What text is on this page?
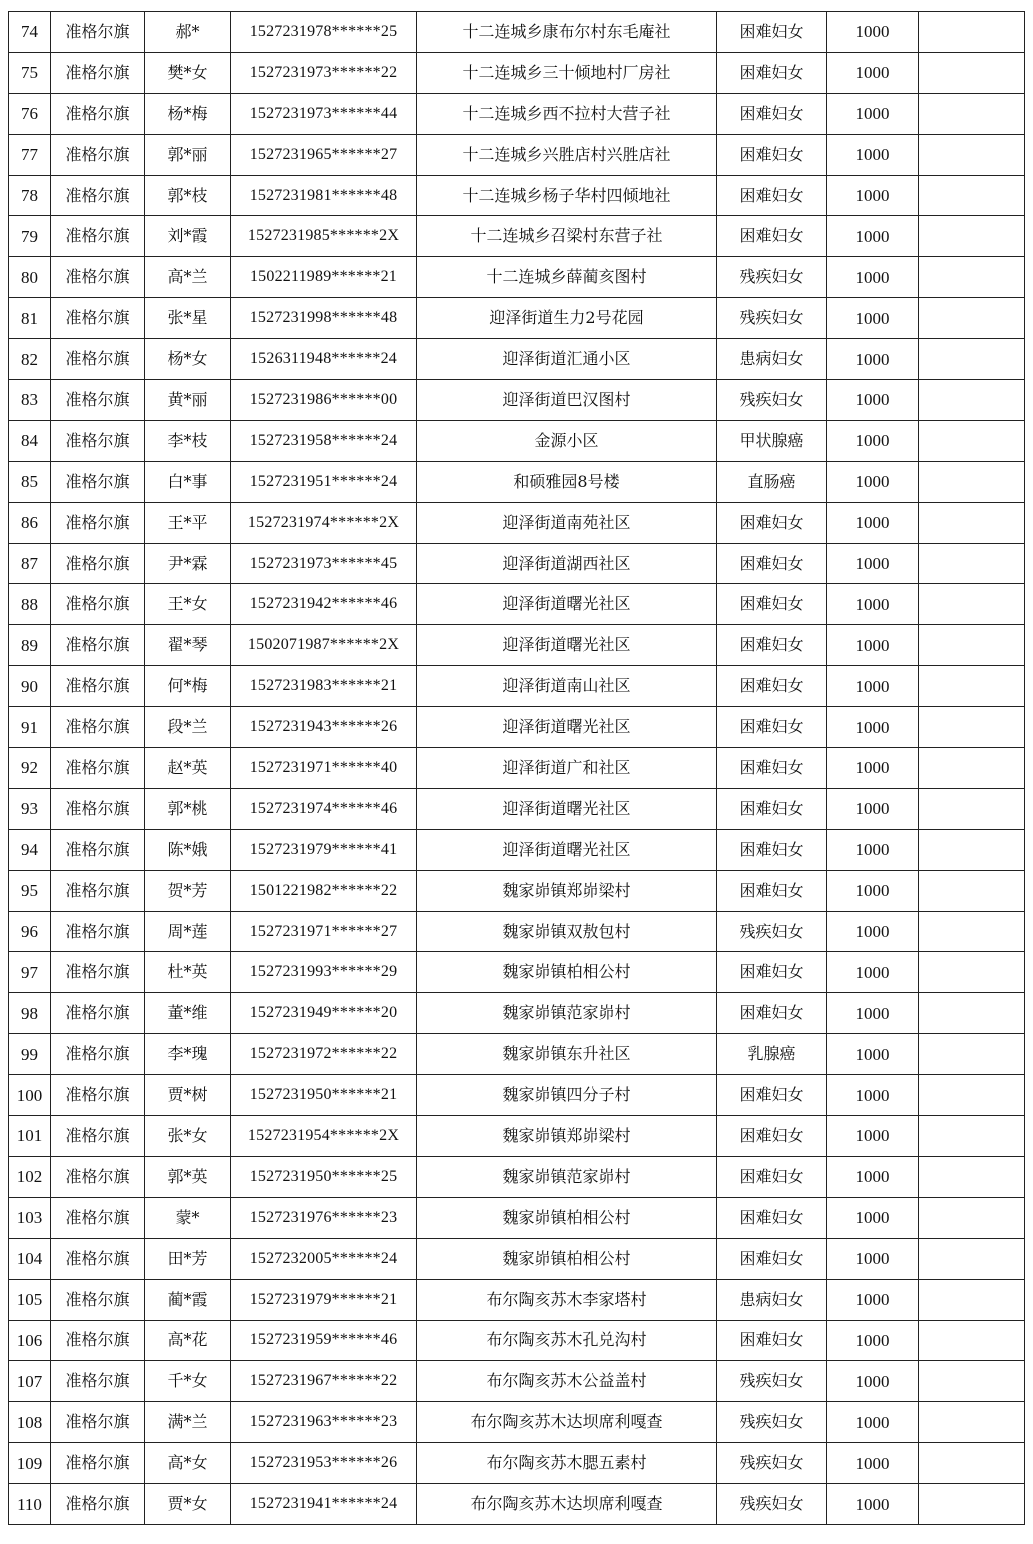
74	准格尔旗	郝*	1527231978******25	十二连城乡康布尔村东毛庵社	困难妇女	1000	
75	准格尔旗	樊*女	1527231973******22	十二连城乡三十倾地村厂房社	困难妇女	1000	
76	准格尔旗	杨*梅	1527231973******44	十二连城乡西不拉村大营子社	困难妇女	1000	
77	准格尔旗	郭*丽	1527231965******27	十二连城乡兴胜店村兴胜店社	困难妇女	1000	
78	准格尔旗	郭*枝	1527231981******48	十二连城乡杨子华村四倾地社	困难妇女	1000	
79	准格尔旗	刘*霞	1527231985******2X	十二连城乡召梁村东营子社	困难妇女	1000	
80	准格尔旗	高*兰	1502211989******21	十二连城乡薛蔺亥图村	残疾妇女	1000	
81	准格尔旗	张*星	1527231998******48	迎泽街道生力2号花园	残疾妇女	1000	
82	准格尔旗	杨*女	1526311948******24	迎泽街道汇通小区	患病妇女	1000	
83	准格尔旗	黄*丽	1527231986******00	迎泽街道巴汉图村	残疾妇女	1000	
84	准格尔旗	李*枝	1527231958******24	金源小区	甲状腺癌	1000	
85	准格尔旗	白*事	1527231951******24	和硕雅园8号楼	直肠癌	1000	
86	准格尔旗	王*平	1527231974******2X	迎泽街道南苑社区	困难妇女	1000	
87	准格尔旗	尹*霖	1527231973******45	迎泽街道湖西社区	困难妇女	1000	
88	准格尔旗	王*女	1527231942******46	迎泽街道曙光社区	困难妇女	1000	
89	准格尔旗	翟*琴	1502071987******2X	迎泽街道曙光社区	困难妇女	1000	
90	准格尔旗	何*梅	1527231983******21	迎泽街道南山社区	困难妇女	1000	
91	准格尔旗	段*兰	1527231943******26	迎泽街道曙光社区	困难妇女	1000	
92	准格尔旗	赵*英	1527231971******40	迎泽街道广和社区	困难妇女	1000	
93	准格尔旗	郭*桃	1527231974******46	迎泽街道曙光社区	困难妇女	1000	
94	准格尔旗	陈*娥	1527231979******41	迎泽街道曙光社区	困难妇女	1000	
95	准格尔旗	贺*芳	1501221982******22	魏家峁镇郑峁梁村	困难妇女	1000	
96	准格尔旗	周*莲	1527231971******27	魏家峁镇双敖包村	残疾妇女	1000	
97	准格尔旗	杜*英	1527231993******29	魏家峁镇柏相公村	困难妇女	1000	
98	准格尔旗	董*维	1527231949******20	魏家峁镇范家峁村	困难妇女	1000	
99	准格尔旗	李*瑰	1527231972******22	魏家峁镇东升社区	乳腺癌	1000	
100	准格尔旗	贾*树	1527231950******21	魏家峁镇四分子村	困难妇女	1000	
101	准格尔旗	张*女	1527231954******2X	魏家峁镇郑峁梁村	困难妇女	1000	
102	准格尔旗	郭*英	1527231950******25	魏家峁镇范家峁村	困难妇女	1000	
103	准格尔旗	蒙*	1527231976******23	魏家峁镇柏相公村	困难妇女	1000	
104	准格尔旗	田*芳	1527232005******24	魏家峁镇柏相公村	困难妇女	1000	
105	准格尔旗	蔺*霞	1527231979******21	布尔陶亥苏木李家塔村	患病妇女	1000	
106	准格尔旗	高*花	1527231959******46	布尔陶亥苏木孔兑沟村	困难妇女	1000	
107	准格尔旗	千*女	1527231967******22	布尔陶亥苏木公益盖村	残疾妇女	1000	
108	准格尔旗	满*兰	1527231963******23	布尔陶亥苏木达坝席利嘎查	残疾妇女	1000	
109	准格尔旗	高*女	1527231953******26	布尔陶亥苏木腮五素村	残疾妇女	1000	
110	准格尔旗	贾*女	1527231941******24	布尔陶亥苏木达坝席利嘎查	残疾妇女	1000	
